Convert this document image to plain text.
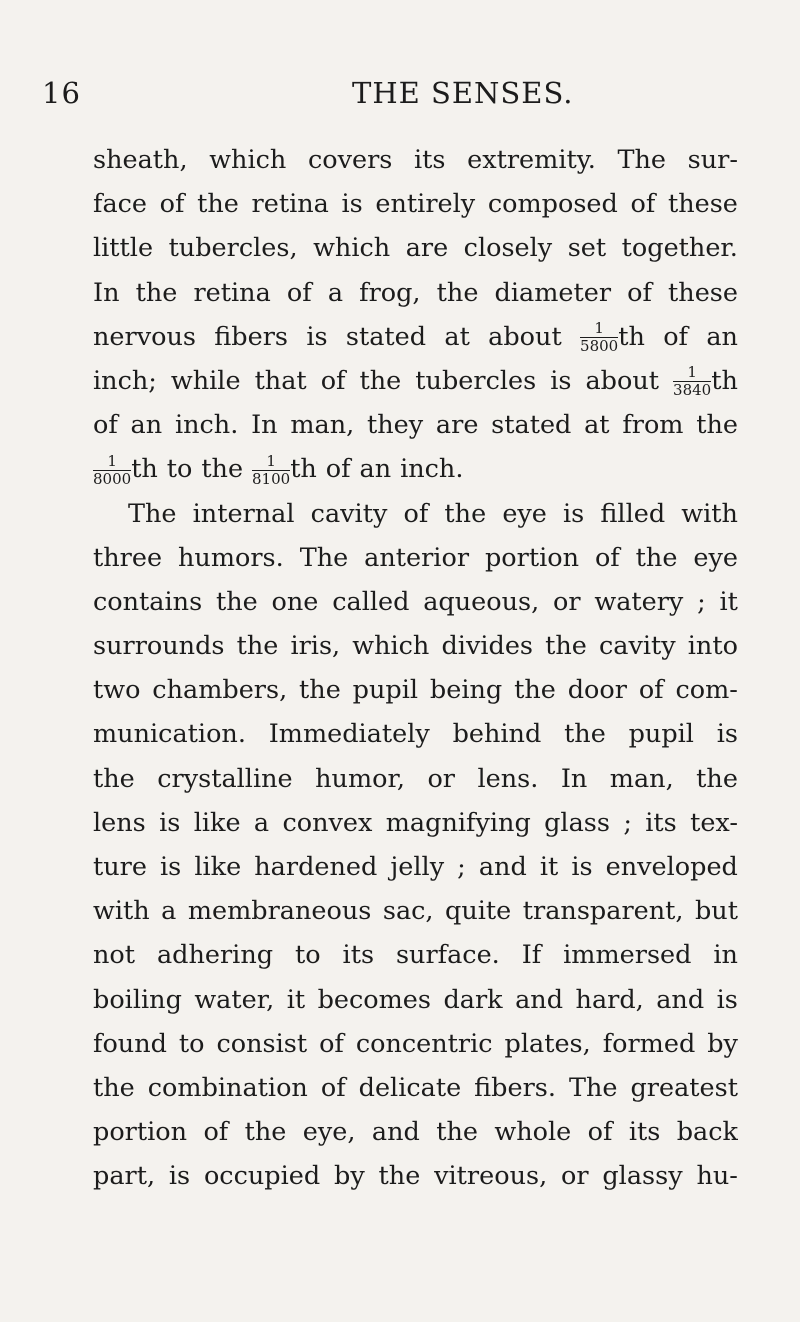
16	THE SENSES.
sheath, which covers its extremity. The sur-
face of the retina is entirely composed of these
little tubercles, which are closely set together.
In the retina of a frog, the diameter of these
nervous fibers is stated at about $\frac{1}{5800}$ th of an
inch; while that of the tubercles is about $\frac{1}{3840}$ th
of an inch. In man, they are stated at from the
$\frac{1}{8000}$ th to the $\frac{1}{8100}$ th of an inch.
The internal cavity of the eye is filled with
three humors. The anterior portion of the eye
contains the one called aqueous, or watery ; it
surrounds the iris, which divides the cavity into
two chambers, the pupil being the door of com-
munication. Immediately behind the pupil is
the crystalline humor, or lens. In man, the
lens is like a convex magnifying glass ; its tex-
ture is like hardened jelly ; and it is enveloped
with a membraneous sac, quite transparent, but
not adhering to its surface. If immersed in
boiling water, it becomes dark and hard, and is
found to consist of concentric plates, formed by
the combination of delicate fibers. The greatest
portion of the eye, and the whole of its back
part, is occupied by the vitreous, or glassy hu-
